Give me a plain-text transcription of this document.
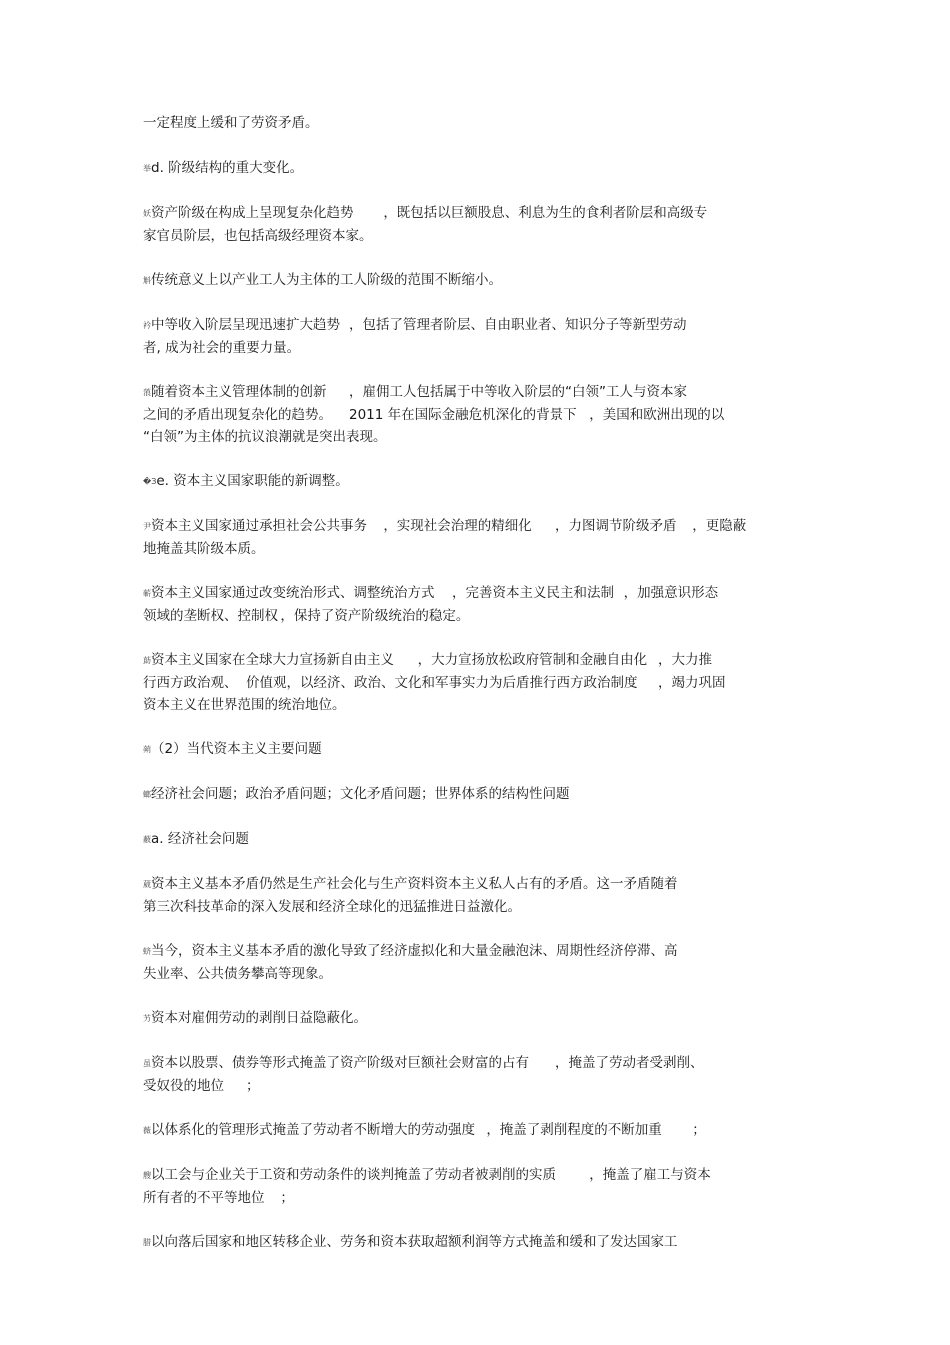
一定程度上缓和了劳资矛盾。

举d. 阶级结构的重大变化。

妖资产阶级在构成上呈现复杂化趋势	，既包括以巨额股息、利息为生的食利者阶层和高级专
家官员阶层，也包括高级经理资本家。

斛传统意义上以产业工人为主体的工人阶级的范围不断缩小。

衿中等收入阶层呈现迅速扩大趋势	，包括了管理者阶层、自由职业者、知识分子等新型劳动
者, 成为社会的重要力量。

蒗随着资本主义管理体制的创新	，雇佣工人包括属于中等收入阶层的“白领”工人与资本家
之间的矛盾出现复杂化的趋势。	2011 年在国际金融危机深化的背景下	，美国和欧洲出现的以
“白领”为主体的抗议浪潮就是突出表现。

�Зe. 资本主义国家职能的新调整。

尹资本主义国家通过承担社会公共事务	，实现社会治理的精细化	，力图调节阶级矛盾	，更隐蔽
地掩盖其阶级本质。

蕲资本主义国家通过改变统治形式、调整统治方式	，完善资本主义民主和法制	，加强意识形态
领域的垄断权、控制权	，保持了资产阶级统治的稳定。

莇资本主义国家在全球大力宣扬新自由主义	，大力宣扬放松政府管制和金融自由化	，大力推
行西方政治观、	价值观，以经济、政治、文化和军事实力为后盾推行西方政治制度	，竭力巩固
资本主义在世界范围的统治地位。

蒴（2）当代资本主义主要问题

螂经济社会问题；政治矛盾问题；文化矛盾问题；世界体系的结构性问题

蔽a. 经济社会问题

葳资本主义基本矛盾仍然是生产社会化与生产资料资本主义私人占有的矛盾。这一矛盾随着
第三次科技革命的深入发展和经济全球化的迅猛推进日益激化。

蛴当今，资本主义基本矛盾的激化导致了经济虚拟化和大量金融泡沫、周期性经济停滞、高
失业率、公共债务攀高等现象。

艻资本对雇佣劳动的剥削日益隐蔽化。

虽资本以股票、债券等形式掩盖了资产阶级对巨额社会财富的占有	，掩盖了劳动者受剥削、
受奴役的地位	；

薇以体系化的管理形式掩盖了劳动者不断增大的劳动强度	，掩盖了剥削程度的不断加重	；

艘以工会与企业关于工资和劳动条件的谈判掩盖了劳动者被剥削的实质	，掩盖了雇工与资本
所有者的不平等地位	；

腊以向落后国家和地区转移企业、劳务和资本获取超额利润等方式掩盖和缓和了发达国家工
